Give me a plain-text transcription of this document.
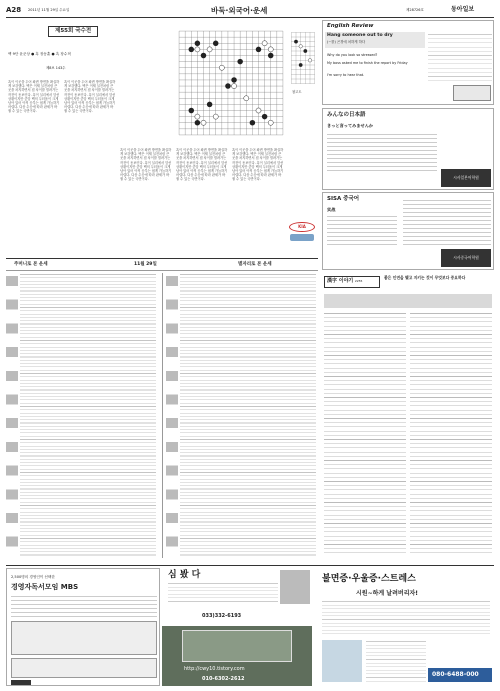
A28 2011년 11월 29일 수요일	바둑·외국어·운세	제28726호	동아일보
제55회 국수전
백 9단 윤준상 ● 흑 장동훈 ● 흑 장수혁
제8보 143수
참고도
흑이 이곳을 두어 좌변 방면을 확실하게 보강했다. 백은 이제 실전처럼 큰 곳을 차지하면서 집 차이를 벌려가는 작전이 돋보인다. 흑이 실리에서 앞선 상황이지만 중앙 백의 두터움이 크게 남아 있어 아직 승부는 쉽게 가늠하기 어렵다. 다음 수순에 따라 판세가 바뀔 수 있는 국면이다.
흑이 이곳을 두어 좌변 방면을 확실하게 보강했다. 백은 이제 실전처럼 큰 곳을 차지하면서 집 차이를 벌려가는 작전이 돋보인다. 흑이 실리에서 앞선 상황이지만 중앙 백의 두터움이 크게 남아 있어 아직 승부는 쉽게 가늠하기 어렵다. 다음 수순에 따라 판세가 바뀔 수 있는 국면이다.
흑이 이곳을 두어 좌변 방면을 확실하게 보강했다. 백은 이제 실전처럼 큰 곳을 차지하면서 집 차이를 벌려가는 작전이 돋보인다. 흑이 실리에서 앞선 상황이지만 중앙 백의 두터움이 크게 남아 있어 아직 승부는 쉽게 가늠하기 어렵다. 다음 수순에 따라 판세가 바뀔 수 있는 국면이다.
흑이 이곳을 두어 좌변 방면을 확실하게 보강했다. 백은 이제 실전처럼 큰 곳을 차지하면서 집 차이를 벌려가는 작전이 돋보인다. 흑이 실리에서 앞선 상황이지만 중앙 백의 두터움이 크게 남아 있어 아직 승부는 쉽게 가늠하기 어렵다. 다음 수순에 따라 판세가 바뀔 수 있는 국면이다.
흑이 이곳을 두어 좌변 방면을 확실하게 보강했다. 백은 이제 실전처럼 큰 곳을 차지하면서 집 차이를 벌려가는 작전이 돋보인다. 흑이 실리에서 앞선 상황이지만 중앙 백의 두터움이 크게 남아 있어 아직 승부는 쉽게 가늠하기 어렵다. 다음 수순에 따라 판세가 바뀔 수 있는 국면이다.
KIA
주머니로 본 운세	11월 29일	별자리로 본 운세
English Review
Hang someone out to dry
(~를) 곤경에 처하게 하다
Why do you look so stressed?
My boss asked me to finish the report by Friday
I'm sorry to hear that.
みんなの日本語
きっと言ってみませんか
시사일본어학원
SISA 중국어
实战
시사중국어학원
漢字 이야기 2255
좋은 인연을 맺고 지키는 것이 무엇보다 중요하다
2,500명의 경영인이 선택한
경영자독서모임 MBS
심 봤 다
033)332-6193
http://cwy10.tistory.com
010-6302-2612
불면증·우울증·스트레스
시원~하게 날려버리자!
080-6488-000
